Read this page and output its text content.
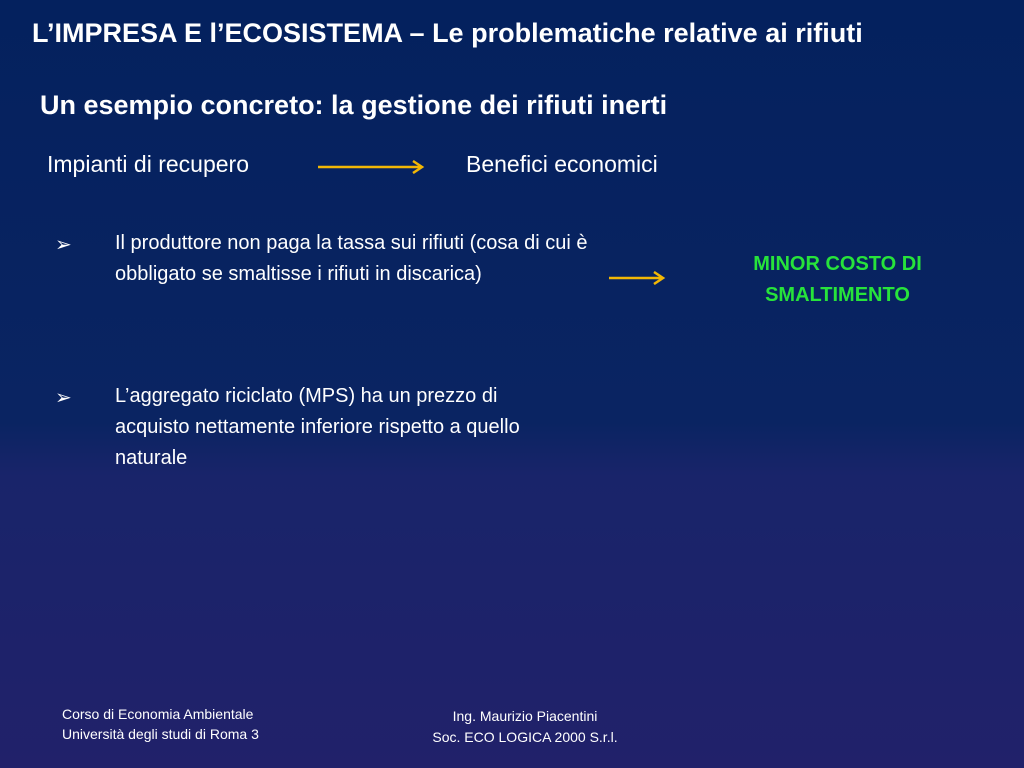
L’IMPRESA E l’ECOSISTEMA – Le problematiche relative ai rifiuti
Un esempio concreto: la gestione dei rifiuti inerti
Impianti di recupero	Benefici economici
➢ Il produttore non paga la tassa sui rifiuti (cosa di cui è obbligato se smaltisse i rifiuti in discarica)	MINOR COSTO DI SMALTIMENTO
➢ L’aggregato riciclato (MPS) ha un prezzo di acquisto nettamente inferiore rispetto a quello naturale
Corso di Economia Ambientale
Università degli studi di Roma 3
Ing. Maurizio Piacentini
Soc. ECO LOGICA 2000 S.r.l.
